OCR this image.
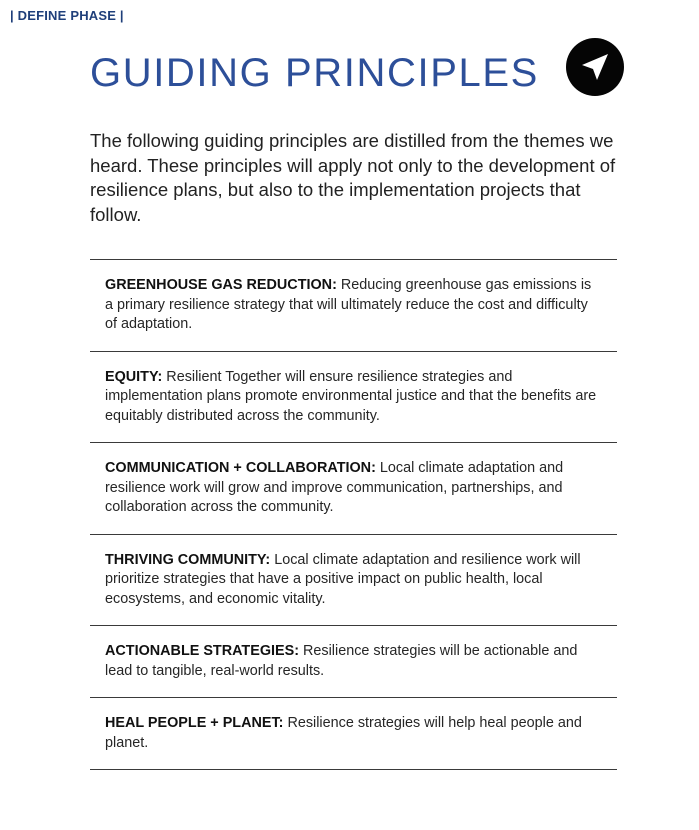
| DEFINE PHASE |
GUIDING PRINCIPLES

The following guiding principles are distilled from the themes we heard. These principles will apply not only to the development of resilience plans, but also to the implementation projects that follow.

GREENHOUSE GAS REDUCTION: Reducing greenhouse gas emissions is a primary resilience strategy that will ultimately reduce the cost and difficulty of adaptation.
EQUITY: Resilient Together will ensure resilience strategies and implementation plans promote environmental justice and that the benefits are equitably distributed across the community.
COMMUNICATION + COLLABORATION: Local climate adaptation and resilience work will grow and improve communication, partnerships, and collaboration across the community.
THRIVING COMMUNITY: Local climate adaptation and resilience work will prioritize strategies that have a positive impact on public health, local ecosystems, and economic vitality.
ACTIONABLE STRATEGIES: Resilience strategies will be actionable and lead to tangible, real-world results.
HEAL PEOPLE + PLANET: Resilience strategies will help heal people and planet.
